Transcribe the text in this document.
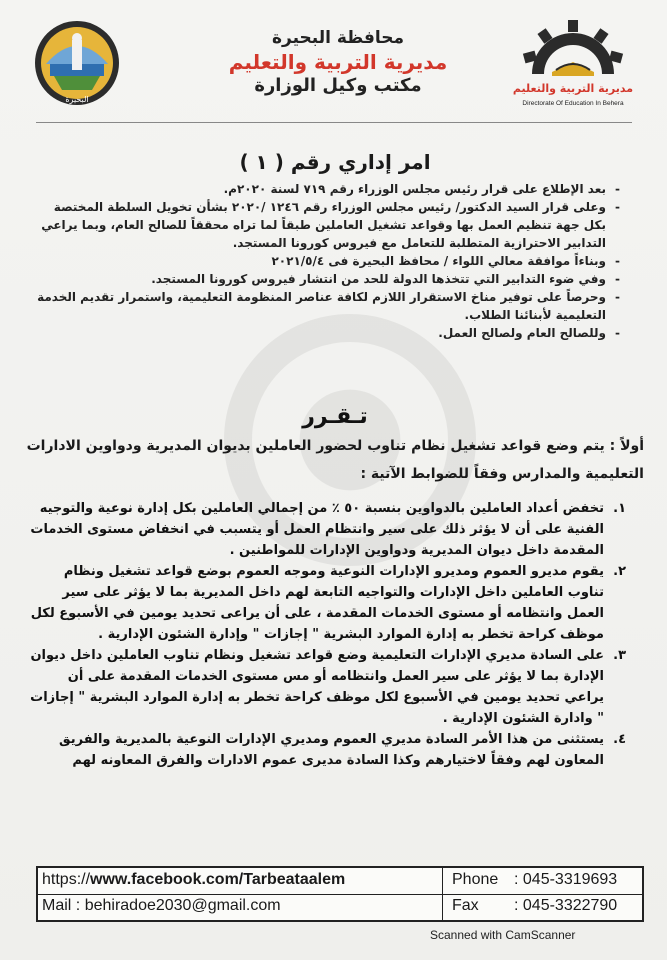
البحيرة
محافظة البحيرة
مديرية التربية والتعليم
مكتب وكيل الوزارة	مديرية التربية والتعليم
Directorate Of Education In Behera
امر إداري رقم ( ١ )

- بعد الإطلاع على قرار رئيس مجلس الوزراء رقم ٧١٩ لسنة ٢٠٢٠م.

- وعلى قرار السيد الدكتور/ رئيس مجلس الوزراء رقم ١٢٤٦ /٢٠٢٠ بشأن تخويل السلطة المختصة بكل جهة تنظيم العمل بها وقواعد تشغيل العاملين طبقاً لما تراه محققاً للصالح العام، وبما يراعي التدابير الاحترازية المتطلبة للتعامل مع فيروس كورونا المستجد.

- وبناءاً موافقة معالي اللواء / محافظ البحيرة فى ٢٠٢١/٥/٤

- وفي ضوء التدابير التي تتخذها الدولة للحد من انتشار فيروس كورونا المستجد.

- وحرصاً على توفير مناخ الاستقرار اللازم لكافة عناصر المنظومة التعليمية، واستمرار تقديم الخدمة التعليمية لأبنائنا الطلاب.

- وللصالح العام ولصالح العمل.

تـقـرر
أولاً : يتم وضع قواعد تشغيل نظام تناوب لحضور العاملين بديوان المديرية ودواوين الادارات التعليمية والمدارس وفقاً للضوابط الآتية :
١.
تخفض أعداد العاملين بالدواوين بنسبة ٥٠ ٪ من إجمالي العاملين بكل إدارة نوعية والتوجيه الفنية على أن لا يؤثر ذلك على سير وانتظام العمل أو يتسبب في انخفاض مستوى الخدمات المقدمة داخل ديوان المديرية ودواوين الإدارات للمواطنين .
٢.
يقوم مديرو العموم ومديرو الإدارات النوعية وموجه العموم بوضع قواعد تشغيل ونظام تناوب العاملين داخل الإدارات والتواجيه التابعة لهم داخل المديرية بما لا يؤثر على سير العمل وانتظامه أو مستوى الخدمات المقدمة ، على أن يراعى تحديد يومين في الأسبوع لكل موظف كراحة تخطر به إدارة الموارد البشرية " إجازات " وإدارة الشئون الإدارية .
٣.
على السادة مديري الإدارات التعليمية وضع قواعد تشغيل ونظام تناوب العاملين داخل ديوان الإدارة بما لا يؤثر على سير العمل وانتظامه أو مس مستوى الخدمات المقدمة على أن يراعي تحديد يومين في الأسبوع لكل موظف كراحة تخطر به إدارة الموارد البشرية " إجازات " وادارة الشئون الإدارية .
٤.
يستثنى من هذا الأمر السادة مديري العموم ومديري الإدارات النوعية بالمديرية والفريق المعاون لهم وفقاً لاختيارهم وكذا السادة مديرى عموم الادارات والفرق المعاونه لهم
https://www.facebook.com/Tarbeataalem	Phone : 045-3319693
Mail : behiradoe2030@gmail.com	Fax : 045-3322790
Scanned with CamScanner
